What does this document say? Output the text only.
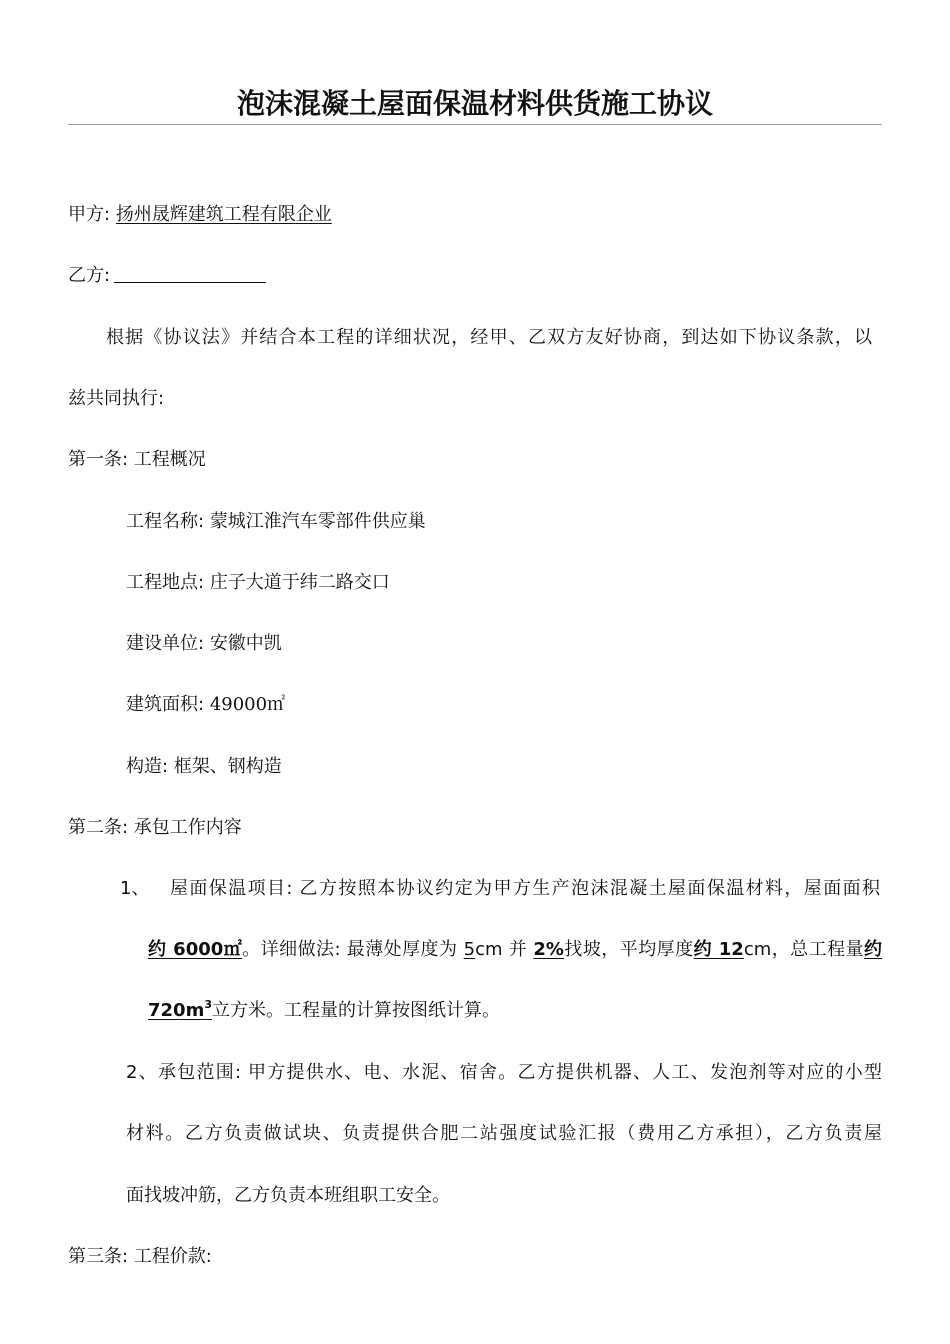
泡沫混凝土屋面保温材料供货施工协议
甲方: 扬州晟辉建筑工程有限企业
乙方:
根据《协议法》并结合本工程的详细状况，经甲、乙双方友好协商，到达如下协议条款，以
兹共同执行:
第一条: 工程概况
工程名称: 蒙城江淮汽车零部件供应巢
工程地点: 庄子大道于纬二路交口
建设单位: 安徽中凯
建筑面积: 49000㎡
构造: 框架、钢构造
第二条: 承包工作内容
1、 屋面保温项目: 乙方按照本协议约定为甲方生产泡沫混凝土屋面保温材料，屋面面积
约 6000㎡。详细做法: 最薄处厚度为 5cm 并 2%找坡，平均厚度约 12cm，总工程量约
$720m^3$立方米。工程量的计算按图纸计算。
2、承包范围: 甲方提供水、电、水泥、宿舍。乙方提供机器、人工、发泡剂等对应的小型
材料。乙方负责做试块、负责提供合肥二站强度试验汇报（费用乙方承担），乙方负责屋
面找坡冲筋，乙方负责本班组职工安全。
第三条: 工程价款:
